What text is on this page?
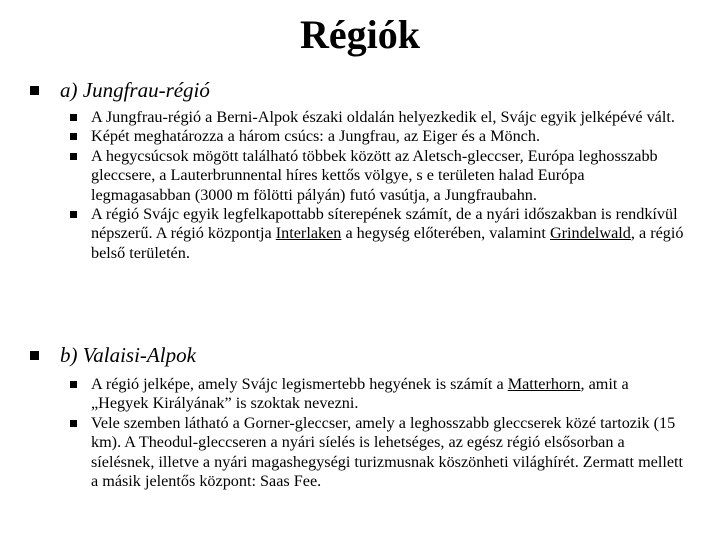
Régiók
a) Jungfrau-régió
A Jungfrau-régió a Berni-Alpok északi oldalán helyezkedik el, Svájc egyik jelképévé vált.
Képét meghatározza a három csúcs: a Jungfrau, az Eiger és a Mönch.
A hegycsúcsok mögött található többek között az Aletsch-gleccser, Európa leghosszabb gleccsere, a Lauterbrunnental híres kettős völgye, s e területen halad Európa legmagasabban (3000 m fölötti pályán) futó vasútja, a Jungfraubahn.
A régió Svájc egyik legfelkapottabb síterepének számít, de a nyári időszakban is rendkívül népszerű. A régió központja Interlaken a hegység előterében, valamint Grindelwald, a régió belső területén.
b) Valaisi-Alpok
A régió jelképe, amely Svájc legismertebb hegyének is számít a Matterhorn, amit a „Hegyek Királyának” is szoktak nevezni.
Vele szemben látható a Gorner-gleccser, amely a leghosszabb gleccserek közé tartozik (15 km). A Theodul-gleccseren a nyári síelés is lehetséges, az egész régió elsősorban a síelésnek, illetve a nyári magashegységi turizmusnak köszönheti világhírét. Zermatt mellett a másik jelentős központ: Saas Fee.
